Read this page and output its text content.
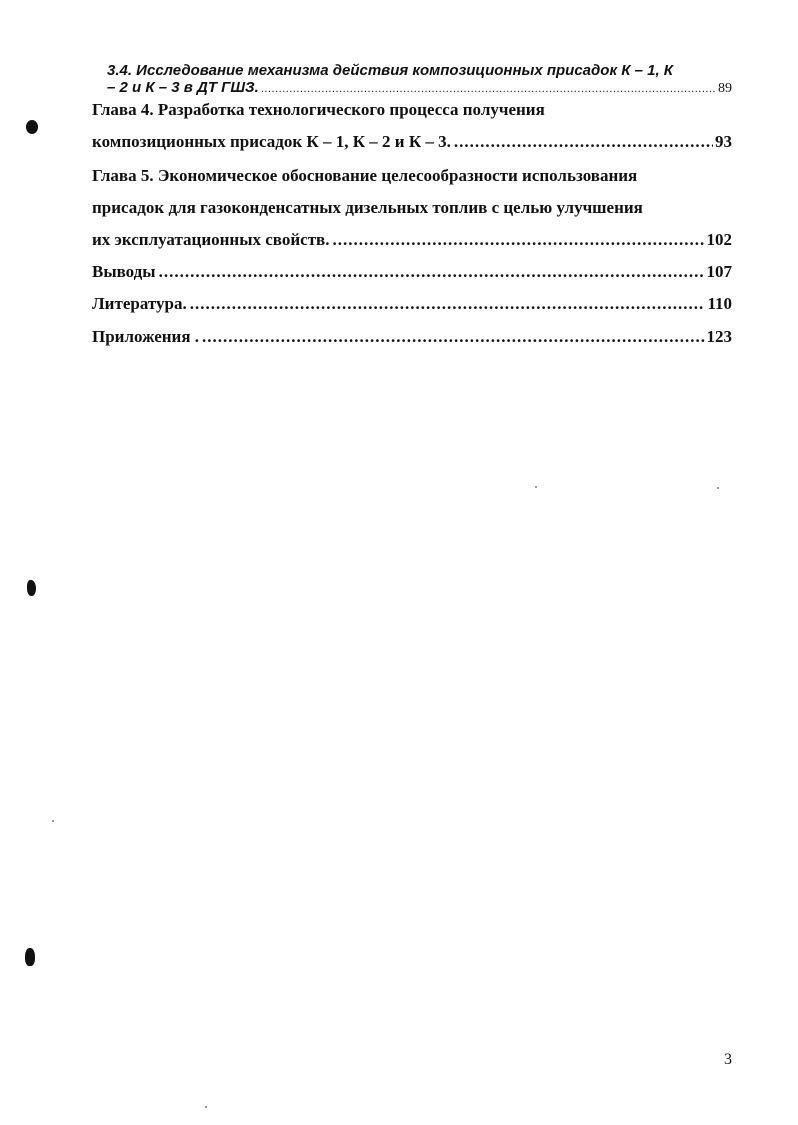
3.4. Исследование механизма действия композиционных присадок К – 1, К
– 2 и К – 3 в ДТ ГШЗ. .....	89
Глава 4. Разработка технологического процесса получения
композиционных присадок К – 1, К – 2 и К – 3. .....	93
Глава 5. Экономическое обоснование целесообразности использования
присадок для газоконденсатных дизельных топлив с целью улучшения
их эксплуатационных свойств. .....	102
Выводы .....	107
Литература. .....	110
Приложения . .....	123
3
